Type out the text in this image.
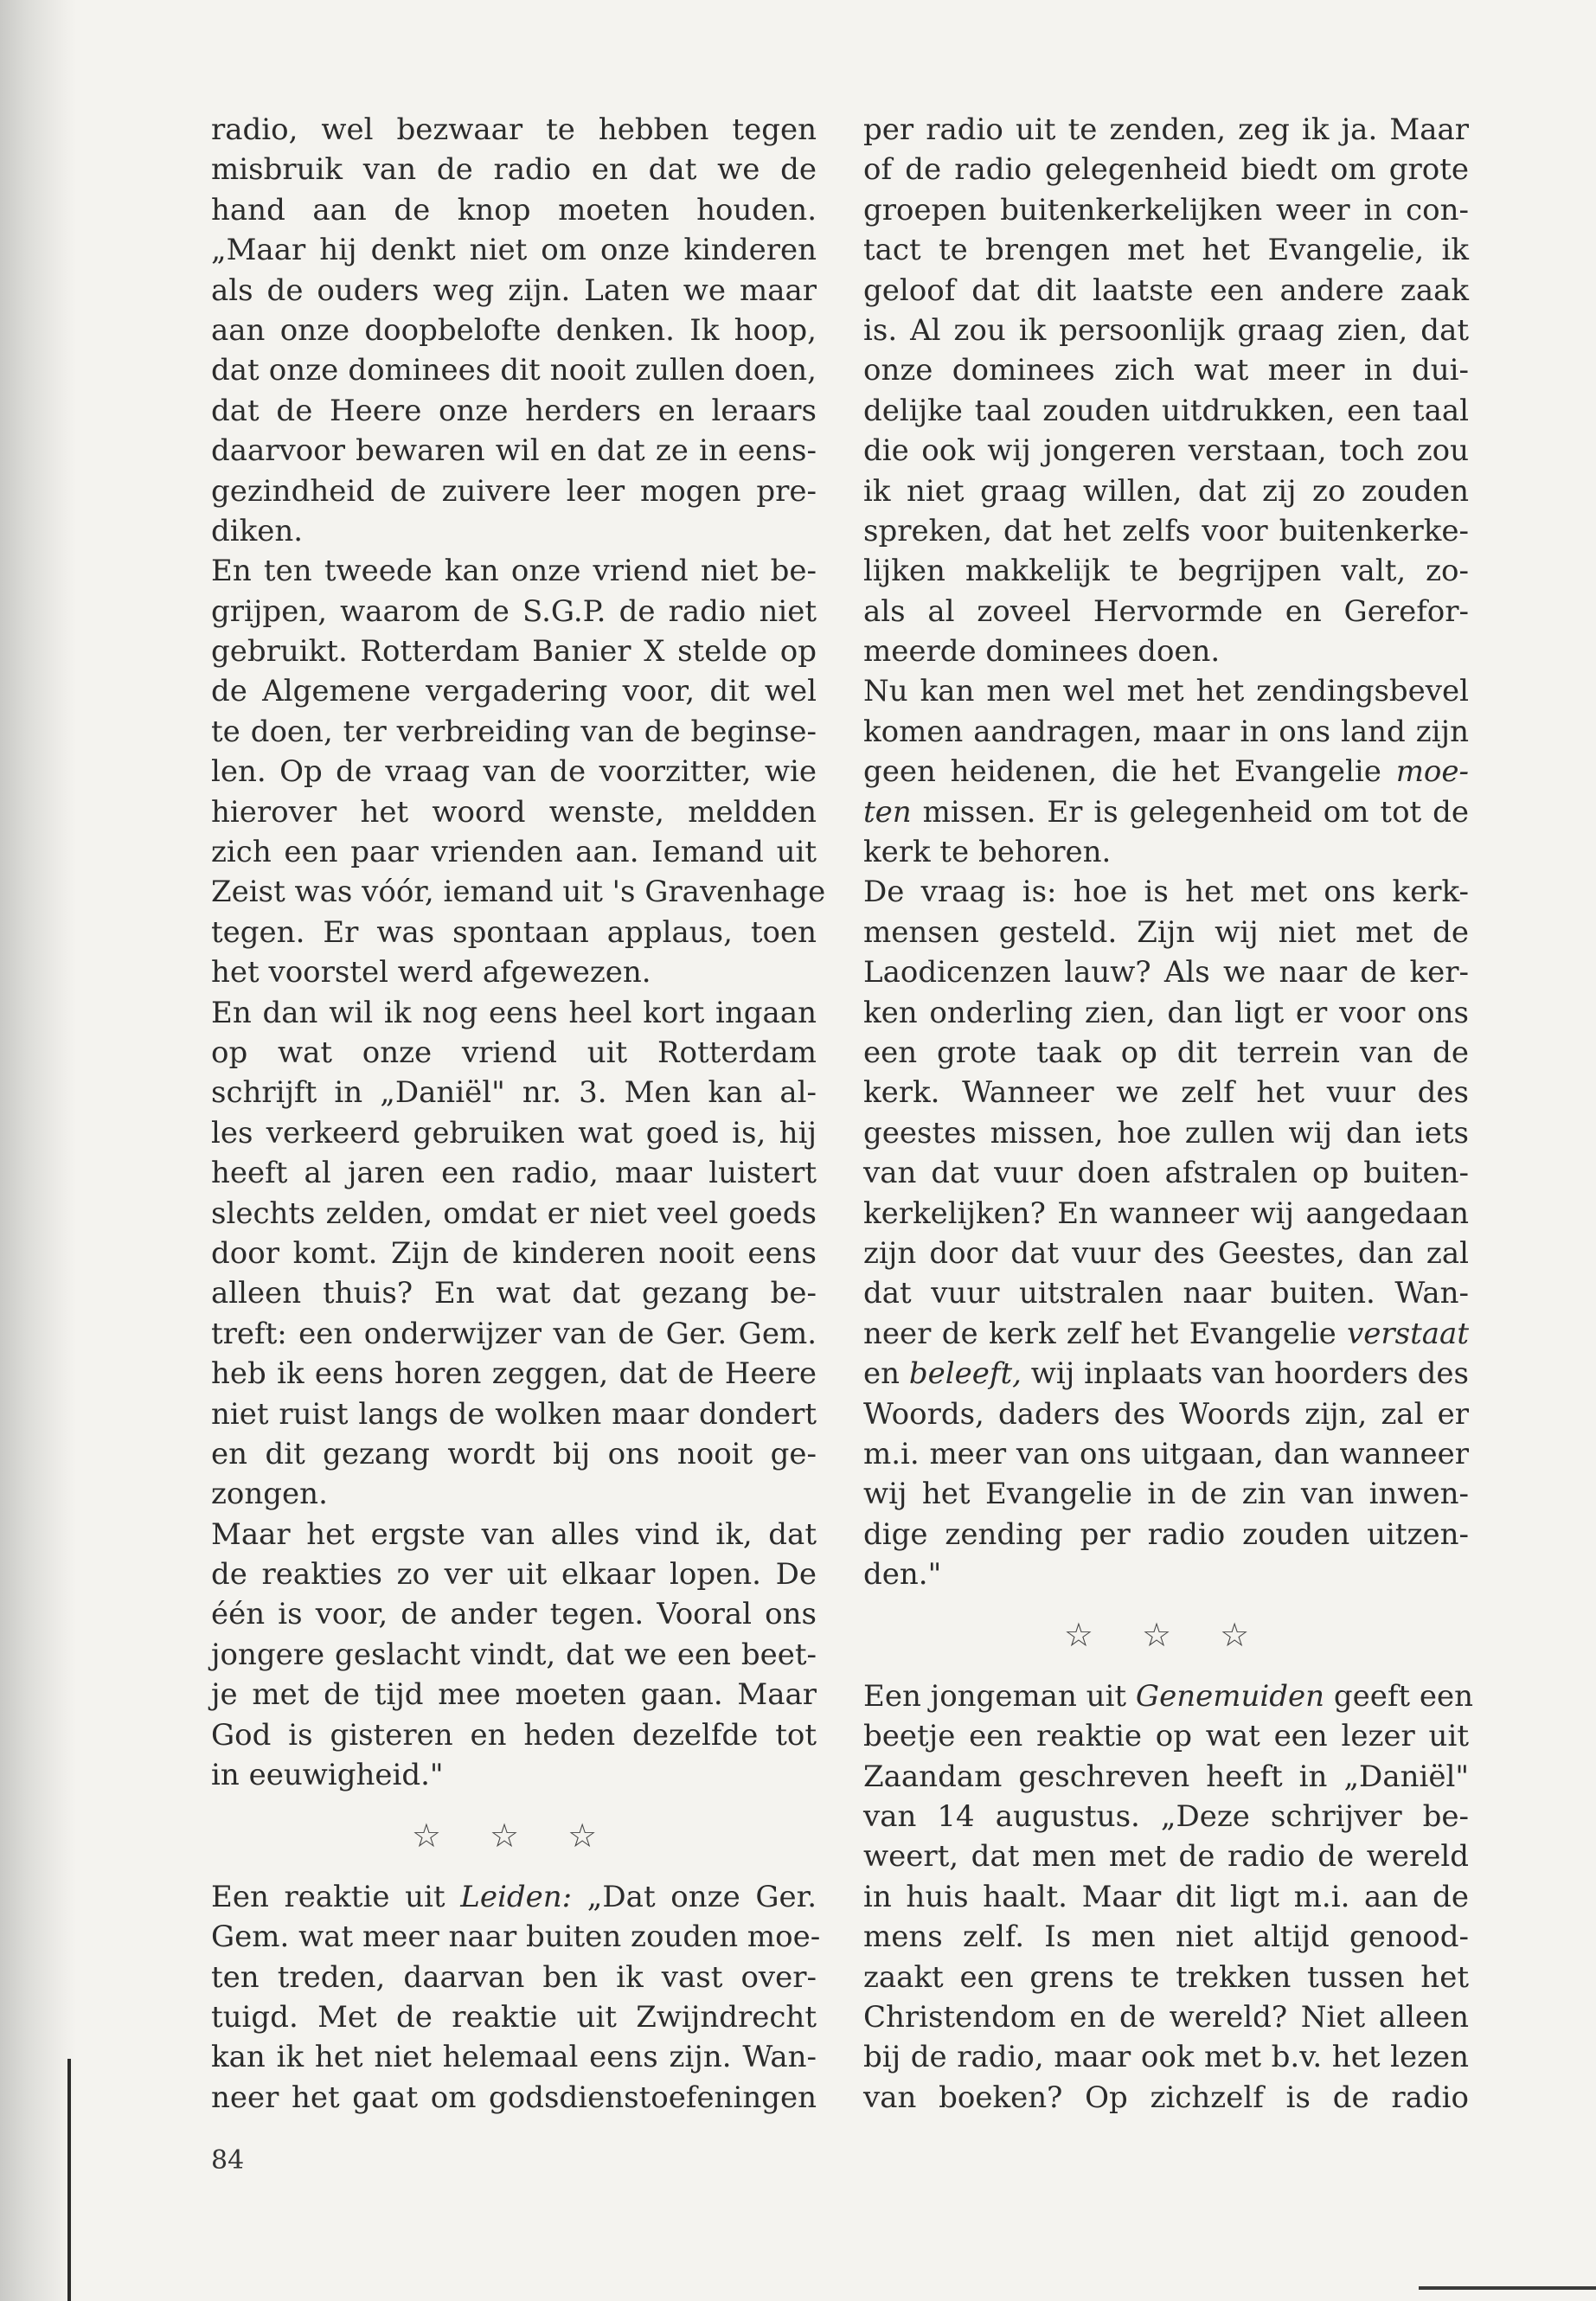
radio, wel bezwaar te hebben tegen
misbruik van de radio en dat we de
hand aan de knop moeten houden.
„Maar hij denkt niet om onze kinderen
als de ouders weg zijn. Laten we maar
aan onze doopbelofte denken. Ik hoop,
dat onze dominees dit nooit zullen doen,
dat de Heere onze herders en leraars
daarvoor bewaren wil en dat ze in eens-
gezindheid de zuivere leer mogen pre-
diken.
En ten tweede kan onze vriend niet be-
grijpen, waarom de S.G.P. de radio niet
gebruikt. Rotterdam Banier X stelde op
de Algemene vergadering voor, dit wel
te doen, ter verbreiding van de beginse-
len. Op de vraag van de voorzitter, wie
hierover het woord wenste, meldden
zich een paar vrienden aan. Iemand uit
Zeist was vóór, iemand uit 's Gravenhage
tegen. Er was spontaan applaus, toen
het voorstel werd afgewezen.
En dan wil ik nog eens heel kort ingaan
op wat onze vriend uit Rotterdam
schrijft in „Daniël" nr. 3. Men kan al-
les verkeerd gebruiken wat goed is, hij
heeft al jaren een radio, maar luistert
slechts zelden, omdat er niet veel goeds
door komt. Zijn de kinderen nooit eens
alleen thuis? En wat dat gezang be-
treft: een onderwijzer van de Ger. Gem.
heb ik eens horen zeggen, dat de Heere
niet ruist langs de wolken maar dondert
en dit gezang wordt bij ons nooit ge-
zongen.
Maar het ergste van alles vind ik, dat
de reakties zo ver uit elkaar lopen. De
één is voor, de ander tegen. Vooral ons
jongere geslacht vindt, dat we een beet-
je met de tijd mee moeten gaan. Maar
God is gisteren en heden dezelfde tot
in eeuwigheid."
☆ ☆ ☆
Een reaktie uit Leiden: „Dat onze Ger.
Gem. wat meer naar buiten zouden moe-
ten treden, daarvan ben ik vast over-
tuigd. Met de reaktie uit Zwijndrecht
kan ik het niet helemaal eens zijn. Wan-
neer het gaat om godsdienstoefeningen
per radio uit te zenden, zeg ik ja. Maar
of de radio gelegenheid biedt om grote
groepen buitenkerkelijken weer in con-
tact te brengen met het Evangelie, ik
geloof dat dit laatste een andere zaak
is. Al zou ik persoonlijk graag zien, dat
onze dominees zich wat meer in dui-
delijke taal zouden uitdrukken, een taal
die ook wij jongeren verstaan, toch zou
ik niet graag willen, dat zij zo zouden
spreken, dat het zelfs voor buitenkerke-
lijken makkelijk te begrijpen valt, zo-
als al zoveel Hervormde en Gerefor-
meerde dominees doen.
Nu kan men wel met het zendingsbevel
komen aandragen, maar in ons land zijn
geen heidenen, die het Evangelie moe-
ten missen. Er is gelegenheid om tot de
kerk te behoren.
De vraag is: hoe is het met ons kerk-
mensen gesteld. Zijn wij niet met de
Laodicenzen lauw? Als we naar de ker-
ken onderling zien, dan ligt er voor ons
een grote taak op dit terrein van de
kerk. Wanneer we zelf het vuur des
geestes missen, hoe zullen wij dan iets
van dat vuur doen afstralen op buiten-
kerkelijken? En wanneer wij aangedaan
zijn door dat vuur des Geestes, dan zal
dat vuur uitstralen naar buiten. Wan-
neer de kerk zelf het Evangelie verstaat
en beleeft, wij inplaats van hoorders des
Woords, daders des Woords zijn, zal er
m.i. meer van ons uitgaan, dan wanneer
wij het Evangelie in de zin van inwen-
dige zending per radio zouden uitzen-
den."
☆ ☆ ☆
Een jongeman uit Genemuiden geeft een
beetje een reaktie op wat een lezer uit
Zaandam geschreven heeft in „Daniël"
van 14 augustus. „Deze schrijver be-
weert, dat men met de radio de wereld
in huis haalt. Maar dit ligt m.i. aan de
mens zelf. Is men niet altijd genood-
zaakt een grens te trekken tussen het
Christendom en de wereld? Niet alleen
bij de radio, maar ook met b.v. het lezen
van boeken? Op zichzelf is de radio
84
